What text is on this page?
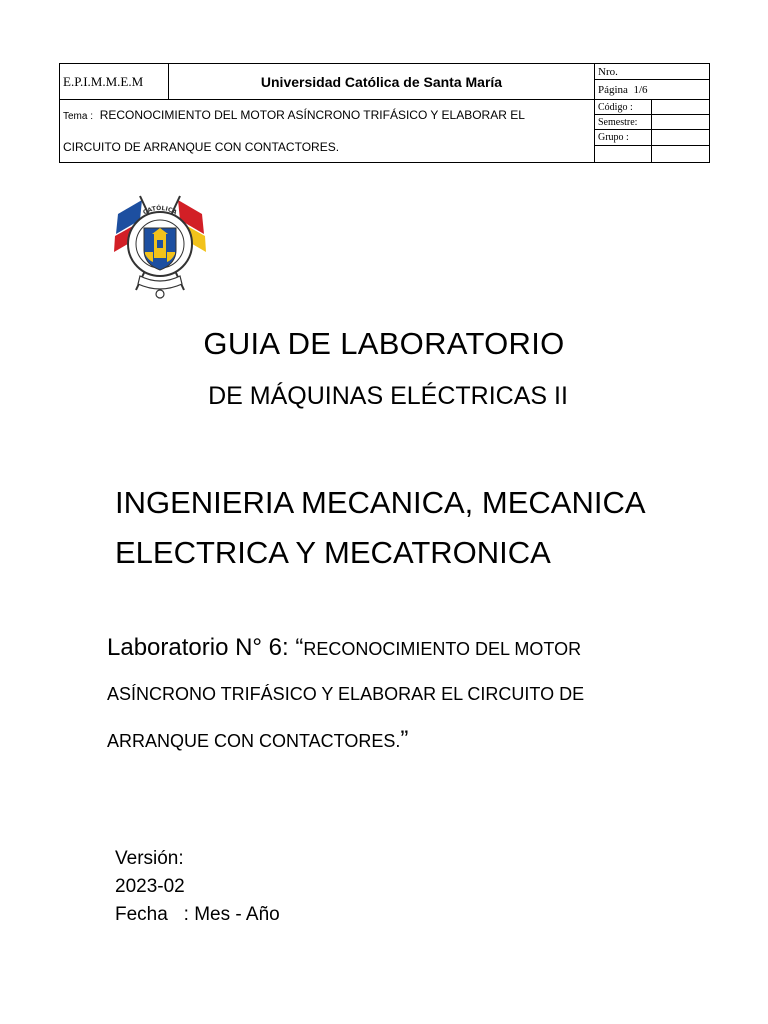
E.P.I.M.M.E.M	Universidad Católica de Santa María	Nro.	
		Página 1/6	
Tema : RECONOCIMIENTO DEL MOTOR ASÍNCRONO TRIFÁSICO Y ELABORAR EL
CIRCUITO DE ARRANQUE CON CONTACTORES.		Código :	
		Semestre:	
		Grupo :	

CATÓLICA
GUIA DE LABORATORIO
DE MÁQUINAS ELÉCTRICAS II
INGENIERIA MECANICA, MECANICA
ELECTRICA Y MECATRONICA
Laboratorio N° 6: “RECONOCIMIENTO DEL MOTOR
ASÍNCRONO TRIFÁSICO Y ELABORAR EL CIRCUITO DE
ARRANQUE CON CONTACTORES.”
Versión:
2023-02
Fecha   : Mes - Año
